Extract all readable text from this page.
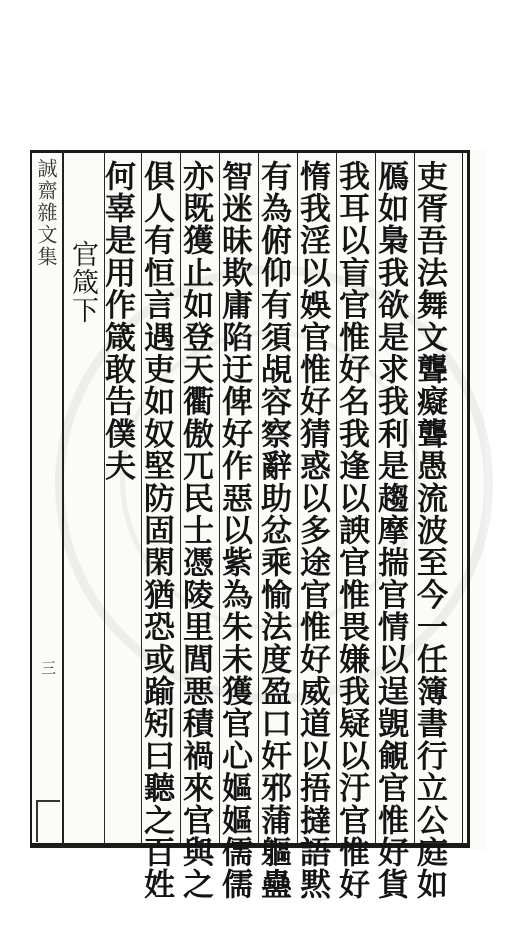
誠齋雜文集
三
官箴下 何辜是用作箴敢告僕夫 俱人有恒言遇吏如奴堅防固閑猶恐或踰矧曰聽之百姓 亦既獲止如登天衢傲兀民士憑陵里閭悪積禍來官與之 智迷昧欺庸陷迂俾好作惡以紫為朱未獲官心嫗嫗儒儒 有為俯仰有須覘容察辭助忿乘愉法度盈口奸邪蒲軀蠱 惰我淫以娛官惟好猜惑以多途官惟好威道以捂撻語黙 我耳以盲官惟好名我逢以諛官惟畏嫌我疑以汙官惟好 鴈如梟我欲是求我利是趨摩揣官情以逞覬覦官惟好貨 吏胥吾法舞文聾癡聾愚流波至今一任簿書行立公庭如
